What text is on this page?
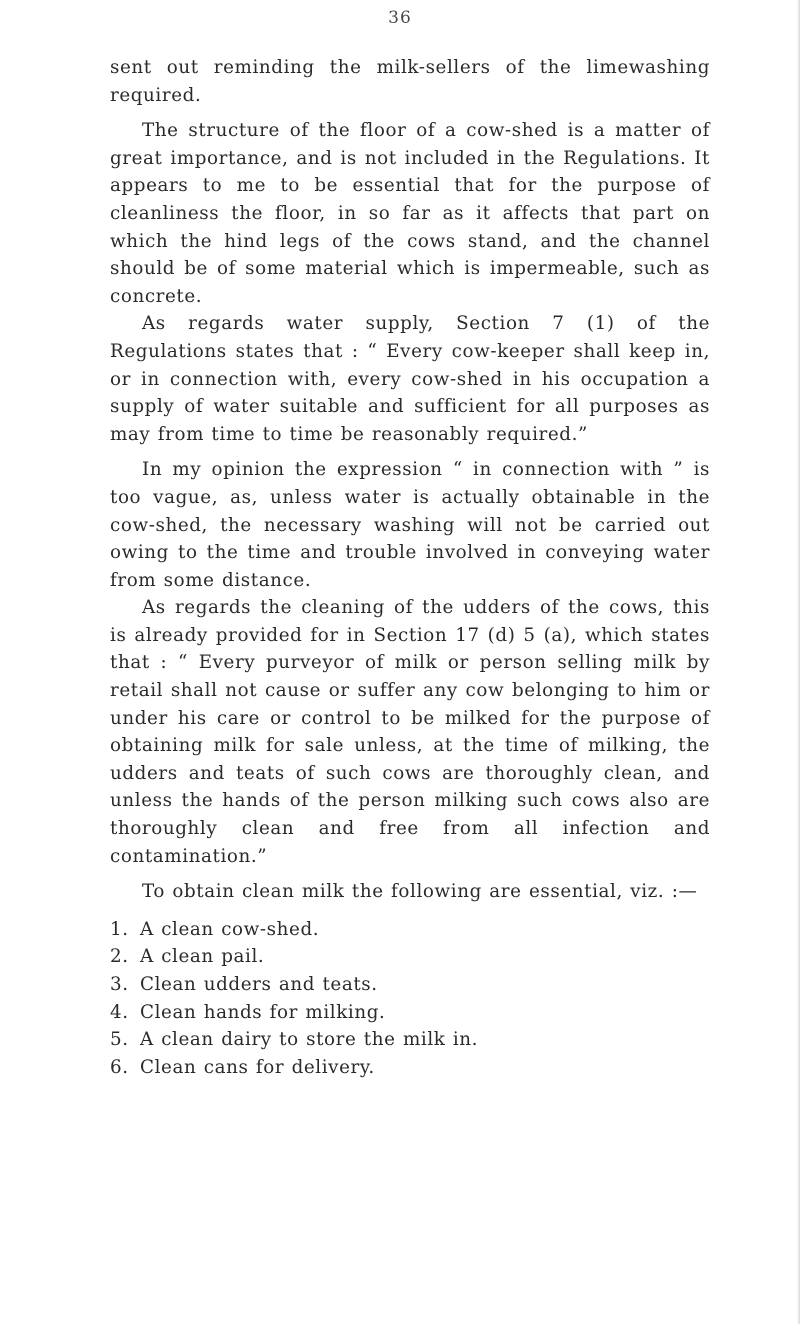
36

sent out reminding the milk-sellers of the limewashing required.

The structure of the floor of a cow-shed is a matter of great importance, and is not included in the Regulations. It appears to me to be essential that for the purpose of cleanliness the floor, in so far as it affects that part on which the hind legs of the cows stand, and the channel should be of some material which is impermeable, such as concrete.

As regards water supply, Section 7 (1) of the Regulations states that : “ Every cow-keeper shall keep in, or in connection with, every cow-shed in his occupation a supply of water suitable and sufficient for all purposes as may from time to time be reasonably required.”

In my opinion the expression “ in connection with ” is too vague, as, unless water is actually obtainable in the cow-shed, the necessary washing will not be carried out owing to the time and trouble involved in conveying water from some distance.

As regards the cleaning of the udders of the cows, this is already provided for in Section 17 (d) 5 (a), which states that : “ Every purveyor of milk or person selling milk by retail shall not cause or suffer any cow belonging to him or under his care or control to be milked for the purpose of obtaining milk for sale unless, at the time of milking, the udders and teats of such cows are thoroughly clean, and unless the hands of the person milking such cows also are thoroughly clean and free from all infection and contamination.”

To obtain clean milk the following are essential, viz. :—

1. A clean cow-shed.
2. A clean pail.
3. Clean udders and teats.
4. Clean hands for milking.
5. A clean dairy to store the milk in.
6. Clean cans for delivery.
